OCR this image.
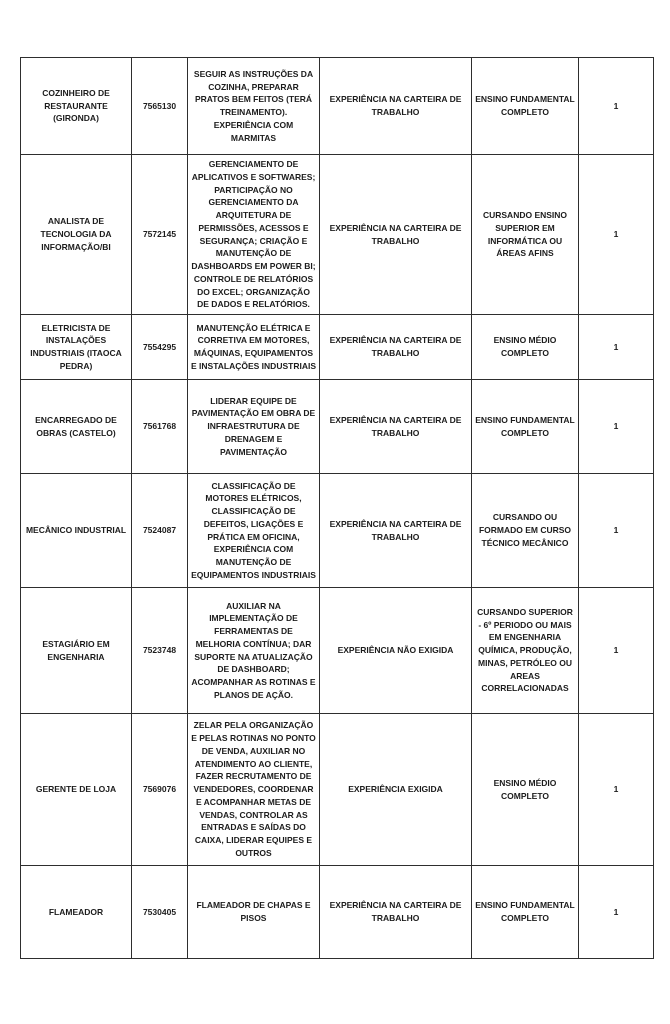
COZINHEIRO DE RESTAURANTE (GIRONDA)	7565130	SEGUIR AS INSTRUÇÕES DA COZINHA, PREPARAR PRATOS BEM FEITOS (TERÁ TREINAMENTO). EXPERIÊNCIA COM MARMITAS	EXPERIÊNCIA NA CARTEIRA DE TRABALHO	ENSINO FUNDAMENTAL COMPLETO	1
ANALISTA DE TECNOLOGIA DA INFORMAÇÃO/BI	7572145	GERENCIAMENTO DE APLICATIVOS E SOFTWARES; PARTICIPAÇÃO NO GERENCIAMENTO DA ARQUITETURA DE PERMISSÕES, ACESSOS E SEGURANÇA; CRIAÇÃO E MANUTENÇÃO DE DASHBOARDS EM POWER BI; CONTROLE DE RELATÓRIOS DO EXCEL; ORGANIZAÇÃO DE DADOS E RELATÓRIOS.	EXPERIÊNCIA NA CARTEIRA DE TRABALHO	CURSANDO ENSINO SUPERIOR EM INFORMÁTICA OU ÁREAS AFINS	1
ELETRICISTA DE INSTALAÇÕES INDUSTRIAIS (ITAOCA PEDRA)	7554295	MANUTENÇÃO ELÉTRICA E CORRETIVA EM MOTORES, MÁQUINAS, EQUIPAMENTOS E INSTALAÇÕES INDUSTRIAIS	EXPERIÊNCIA NA CARTEIRA DE TRABALHO	ENSINO MÉDIO COMPLETO	1
ENCARREGADO DE OBRAS (CASTELO)	7561768	LIDERAR EQUIPE DE PAVIMENTAÇÃO EM OBRA DE INFRAESTRUTURA DE DRENAGEM E PAVIMENTAÇÃO	EXPERIÊNCIA NA CARTEIRA DE TRABALHO	ENSINO FUNDAMENTAL COMPLETO	1
MECÂNICO INDUSTRIAL	7524087	CLASSIFICAÇÃO DE MOTORES ELÉTRICOS, CLASSIFICAÇÃO DE DEFEITOS, LIGAÇÕES E PRÁTICA EM OFICINA, EXPERIÊNCIA COM MANUTENÇÃO DE EQUIPAMENTOS INDUSTRIAIS	EXPERIÊNCIA NA CARTEIRA DE TRABALHO	CURSANDO OU FORMADO EM CURSO TÉCNICO MECÂNICO	1
ESTAGIÁRIO EM ENGENHARIA	7523748	AUXILIAR NA IMPLEMENTAÇÃO DE FERRAMENTAS DE MELHORIA CONTÍNUA; DAR SUPORTE NA ATUALIZAÇÃO DE DASHBOARD; ACOMPANHAR AS ROTINAS E PLANOS DE AÇÃO.	EXPERIÊNCIA NÃO EXIGIDA	CURSANDO SUPERIOR - 6º PERIODO OU MAIS EM ENGENHARIA QUÍMICA, PRODUÇÃO, MINAS, PETRÓLEO OU AREAS CORRELACIONADAS	1
GERENTE DE LOJA	7569076	ZELAR PELA ORGANIZAÇÃO E PELAS ROTINAS NO PONTO DE VENDA, AUXILIAR NO ATENDIMENTO AO CLIENTE, FAZER RECRUTAMENTO DE VENDEDORES, COORDENAR E ACOMPANHAR METAS DE VENDAS, CONTROLAR AS ENTRADAS E SAÍDAS DO CAIXA, LIDERAR EQUIPES E OUTROS	EXPERIÊNCIA EXIGIDA	ENSINO MÉDIO COMPLETO	1
FLAMEADOR	7530405	FLAMEADOR DE CHAPAS E PISOS	EXPERIÊNCIA NA CARTEIRA DE TRABALHO	ENSINO FUNDAMENTAL COMPLETO	1
